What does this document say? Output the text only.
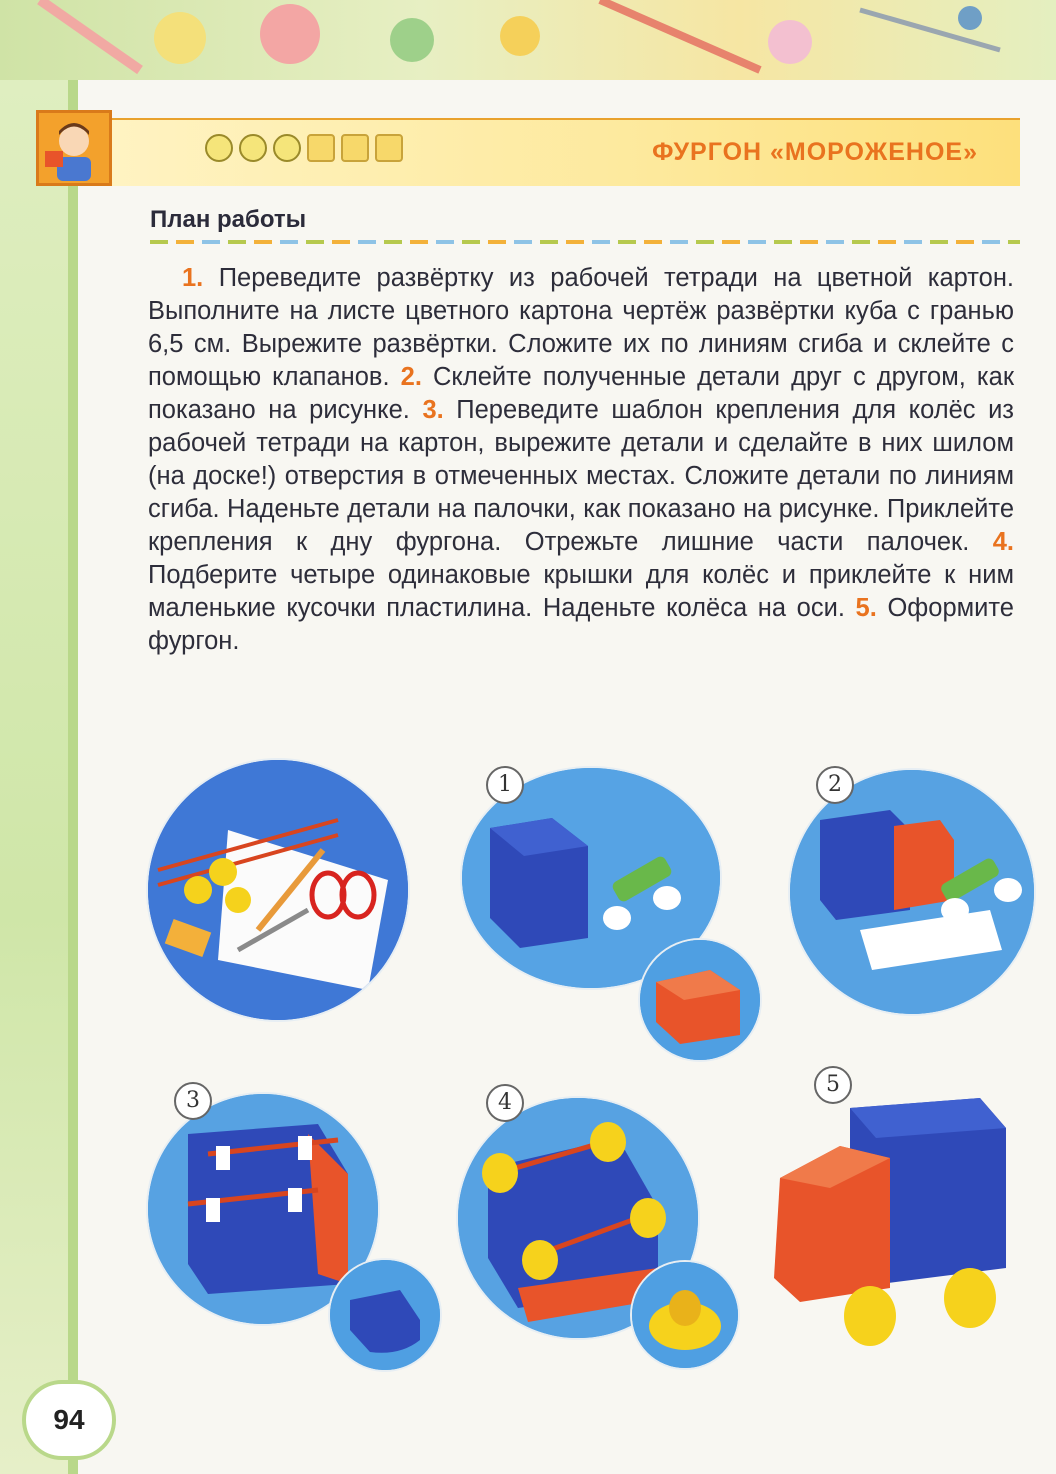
ФУРГОН «МОРОЖЕНОЕ»
План работы
1. Переведите развёртку из рабочей тетради на цветной картон. Выполните на листе цветного картона чертёж развёртки куба с гранью 6,5 см. Вырежите развёртки. Сложите их по линиям сгиба и склейте с помощью клапанов. 2. Склейте полученные детали друг с другом, как показано на рисунке. 3. Переведите шаблон крепления для колёс из рабочей тетради на картон, вырежите детали и сделайте в них шилом (на доске!) отверстия в отмеченных местах. Сложите детали по линиям сгиба. Наденьте детали на палочки, как показано на рисунке. Приклейте крепления к дну фургона. Отрежьте лишние части палочек. 4. Подберите четыре одинаковые крышки для колёс и приклейте к ним маленькие кусочки пластилина. Наденьте колёса на оси. 5. Оформите фургон.
1	2
3	4
5
94
